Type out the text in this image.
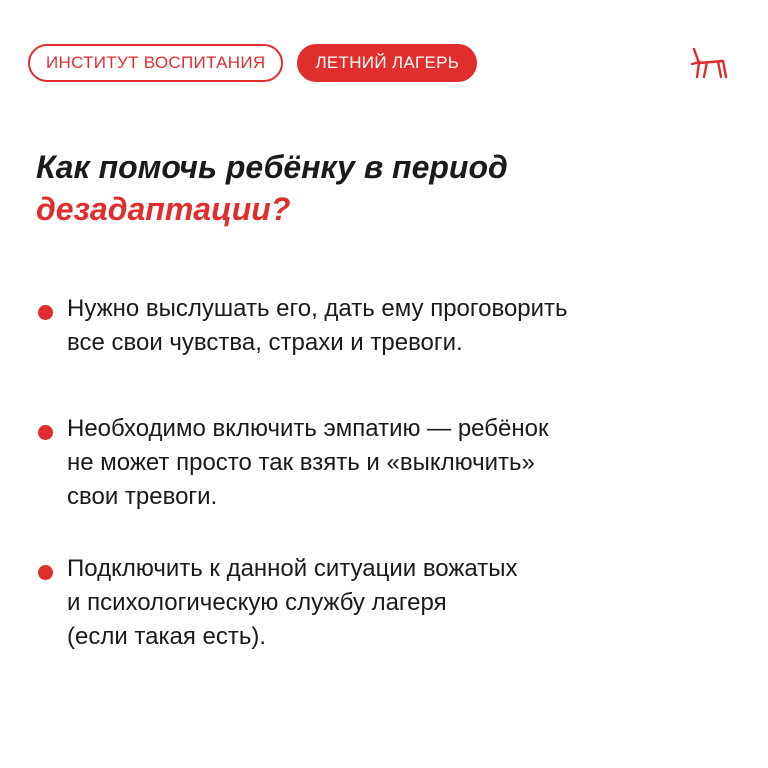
ИНСТИТУТ ВОСПИТАНИЯ	ЛЕТНИЙ ЛАГЕРЬ
Как помочь ребёнку в период
дезадаптации?
Нужно выслушать его, дать ему проговорить
все свои чувства, страхи и тревоги.
Необходимо включить эмпатию — ребёнок
не может просто так взять и «выключить»
свои тревоги.
Подключить к данной ситуации вожатых
и психологическую службу лагеря
(если такая есть).
